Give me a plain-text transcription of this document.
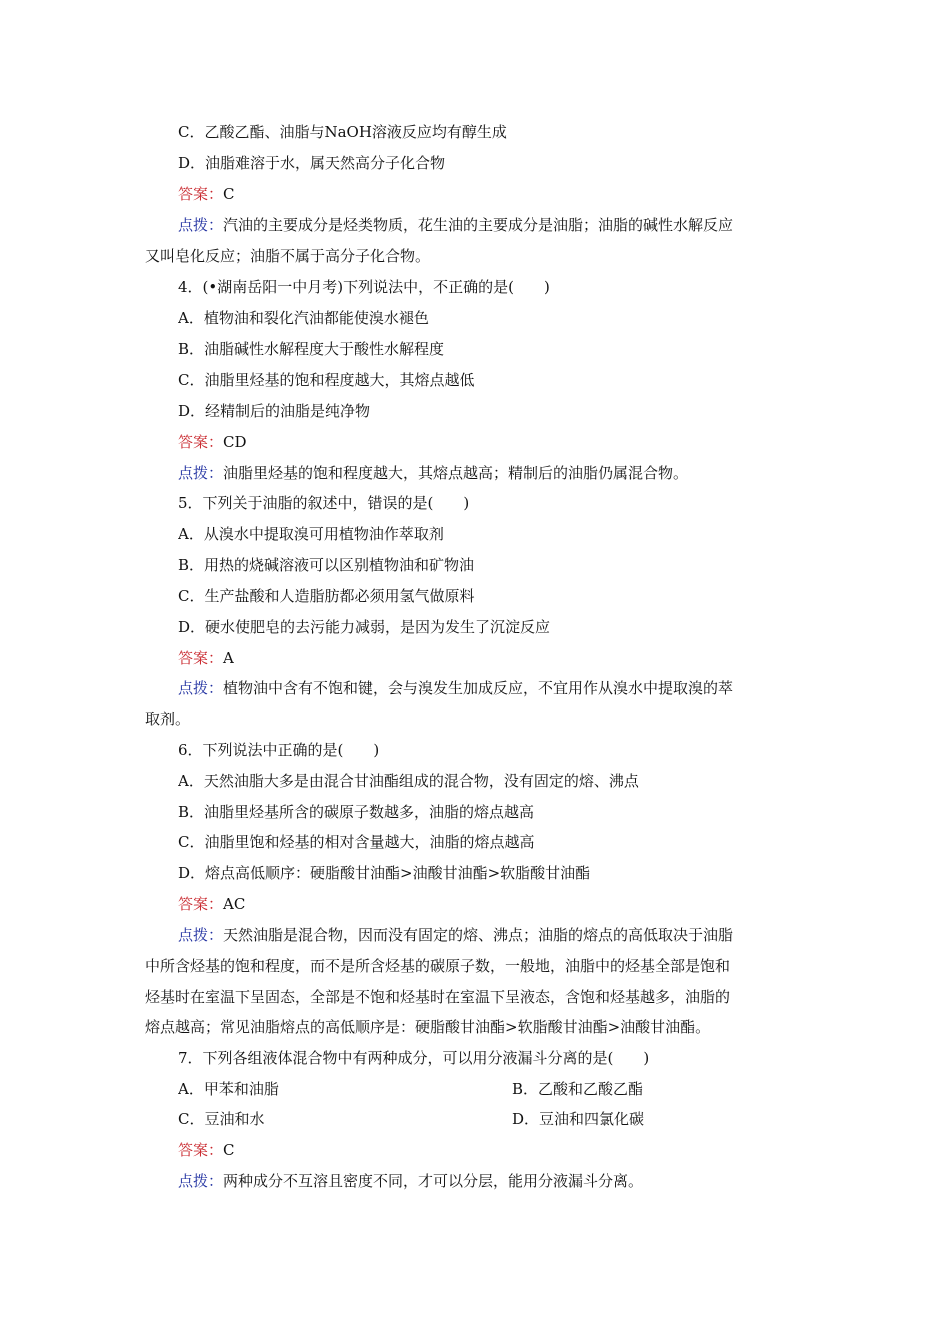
C．乙酸乙酯、油脂与NaOH溶液反应均有醇生成
D．油脂难溶于水，属天然高分子化合物
答案：C
点拨：汽油的主要成分是烃类物质，花生油的主要成分是油脂；油脂的碱性水解反应
又叫皂化反应；油脂不属于高分子化合物。
4．(•湖南岳阳一中月考)下列说法中，不正确的是(　　)
A．植物油和裂化汽油都能使溴水褪色
B．油脂碱性水解程度大于酸性水解程度
C．油脂里烃基的饱和程度越大，其熔点越低
D．经精制后的油脂是纯净物
答案：CD
点拨：油脂里烃基的饱和程度越大，其熔点越高；精制后的油脂仍属混合物。
5．下列关于油脂的叙述中，错误的是(　　)
A．从溴水中提取溴可用植物油作萃取剂
B．用热的烧碱溶液可以区别植物油和矿物油
C．生产盐酸和人造脂肪都必须用氢气做原料
D．硬水使肥皂的去污能力减弱，是因为发生了沉淀反应
答案：A
点拨：植物油中含有不饱和键，会与溴发生加成反应，不宜用作从溴水中提取溴的萃
取剂。
6．下列说法中正确的是(　　)
A．天然油脂大多是由混合甘油酯组成的混合物，没有固定的熔、沸点
B．油脂里烃基所含的碳原子数越多，油脂的熔点越高
C．油脂里饱和烃基的相对含量越大，油脂的熔点越高
D．熔点高低顺序：硬脂酸甘油酯>油酸甘油酯>软脂酸甘油酯
答案：AC
点拨：天然油脂是混合物，因而没有固定的熔、沸点；油脂的熔点的高低取决于油脂
中所含烃基的饱和程度，而不是所含烃基的碳原子数，一般地，油脂中的烃基全部是饱和
烃基时在室温下呈固态，全部是不饱和烃基时在室温下呈液态，含饱和烃基越多，油脂的
熔点越高；常见油脂熔点的高低顺序是：硬脂酸甘油酯>软脂酸甘油酯>油酸甘油酯。
7．下列各组液体混合物中有两种成分，可以用分液漏斗分离的是(　　)
A．甲苯和油脂	B．乙酸和乙酸乙酯
C．豆油和水	D．豆油和四氯化碳
答案：C
点拨：两种成分不互溶且密度不同，才可以分层，能用分液漏斗分离。
